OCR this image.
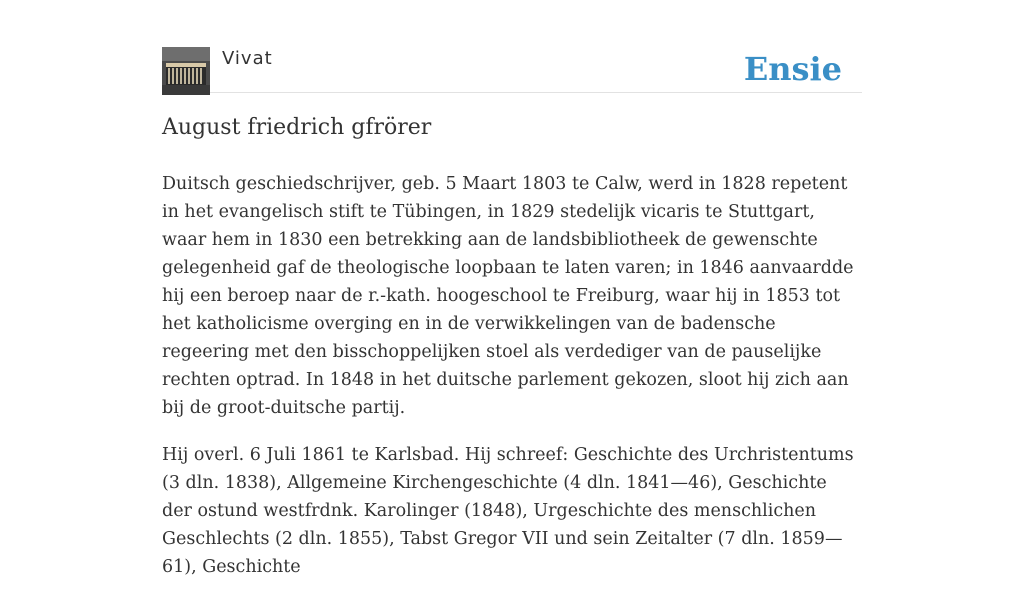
Vivat	Ensie
August friedrich gfrörer

Duitsch geschiedschrijver, geb. 5 Maart 1803 te Calw, werd in 1828 repetent in het evangelisch stift te Tübingen, in 1829 stedelijk vicaris te Stuttgart, waar hem in 1830 een betrekking aan de landsbibliotheek de gewenschte gelegenheid gaf de theologische loopbaan te laten varen; in 1846 aanvaardde hij een beroep naar de r.-kath. hoogeschool te Freiburg, waar hij in 1853 tot het katholicisme overging en in de verwikkelingen van de badensche regeering met den bisschoppelijken stoel als verdediger van de pauselijke rechten optrad. In 1848 in het duitsche parlement gekozen, sloot hij zich aan bij de groot-duitsche partij.

Hij overl. 6 Juli 1861 te Karlsbad. Hij schreef: Geschichte des Urchristentums (3 dln. 1838), Allgemeine Kirchengeschichte (4 dln. 1841—46), Geschichte der ostund westfrdnk. Karolinger (1848), Urgeschichte des menschlichen Geschlechts (2 dln. 1855), Tabst Gregor VII und sein Zeitalter (7 dln. 1859—61), Geschichte
